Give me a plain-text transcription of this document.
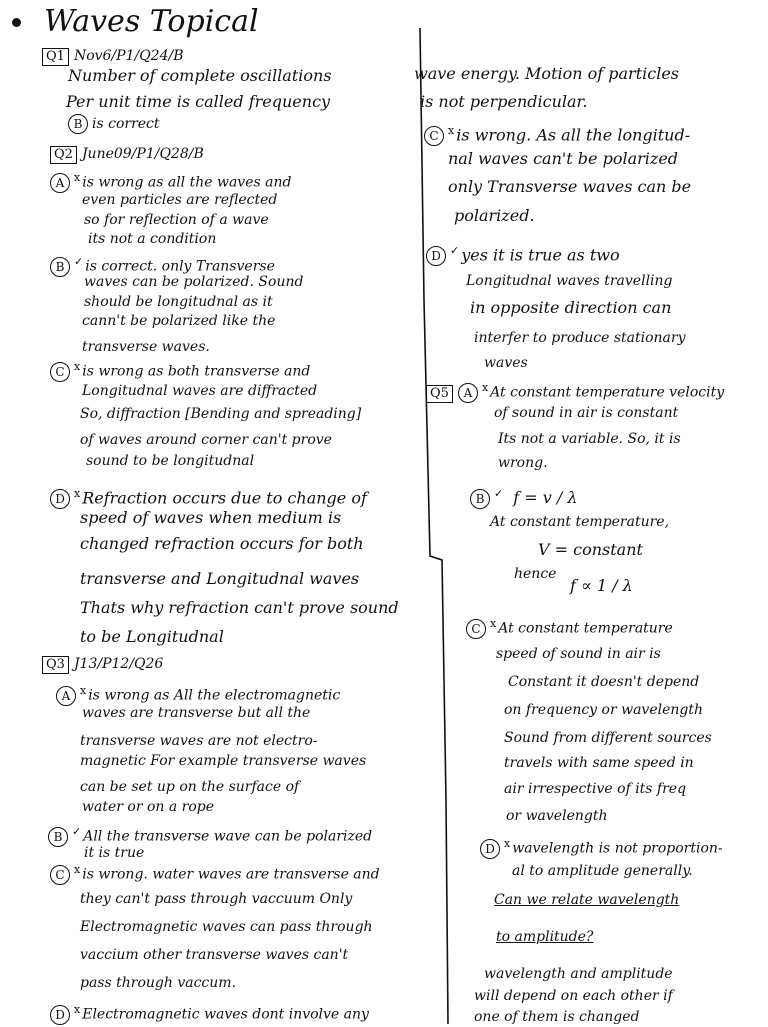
Waves Topical
Q1 Nov6/P1/Q24/B
Number of complete oscillations
Per unit time is called frequency
B is correct
Q2 June09/P1/Q28/B
A $^x$ is wrong as all the waves and
even particles are reflected
so for reflection of a wave
its not a condition
B ✓ is correct. only Transverse
waves can be polarized. Sound
should be longitudnal as it
cann't be polarized like the
transverse waves.
C $^x$ is wrong as both transverse and
Longitudnal waves are diffracted
So, diffraction [Bending and spreading]
of waves around corner can't prove
sound to be longitudnal
D $^x$ Refraction occurs due to change of
speed of waves when medium is
changed refraction occurs for both
transverse and Longitudnal waves
Thats why refraction can't prove sound
to be Longitudnal
Q3 J13/P12/Q26
A $^x$ is wrong as All the electromagnetic
waves are transverse but all the
transverse waves are not electro-
magnetic For example transverse waves
can be set up on the surface of
water or on a rope
B ✓ All the transverse wave can be polarized
it is true
C $^x$ is wrong. water waves are transverse and
they can't pass through vaccuum Only
Electromagnetic waves can pass through
vaccium other transverse waves can't
pass through vaccum.
D $^x$ Electromagnetic waves dont involve any
wave energy. Motion of particles
is not perpendicular.
C $^x$ is wrong. As all the longitud-
nal waves can't be polarized
only Transverse waves can be
polarized.
D ✓ yes it is true as two
Longitudnal waves travelling
in opposite direction can
interfer to produce stationary
waves
Q5 A $^x$ At constant temperature velocity
of sound in air is constant
Its not a variable. So, it is
wrong.
B ✓ f = v / λ
At constant temperature,
V = constant
hence
f ∝ 1 / λ
C $^x$ At constant temperature
speed of sound in air is
Constant it doesn't depend
on frequency or wavelength
Sound from different sources
travels with same speed in
air irrespective of its freq
or wavelength
D $^x$ wavelength is not proportion-
al to amplitude generally.
Can we relate wavelength
to amplitude?
wavelength and amplitude
will depend on each other if
one of them is changed
